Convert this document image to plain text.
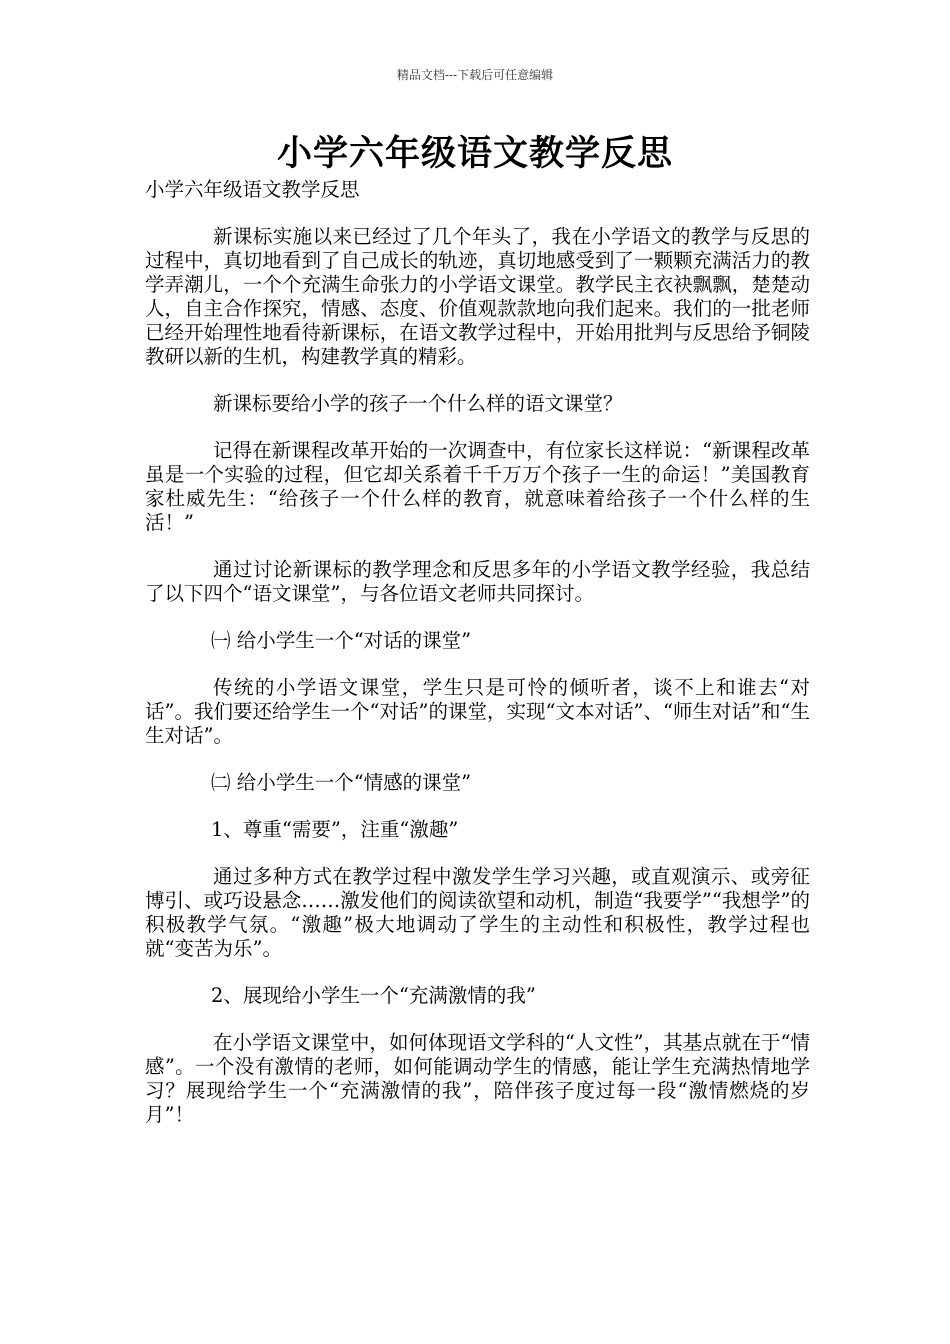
精品文档---下载后可任意编辑
小学六年级语文教学反思

小学六年级语文教学反思

新课标实施以来已经过了几个年头了，我在小学语文的教学与反思的过程中，真切地看到了自己成长的轨迹，真切地感受到了一颗颗充满活力的教学弄潮儿，一个个充满生命张力的小学语文课堂。教学民主衣袂飘飘，楚楚动人，自主合作探究，情感、态度、价值观款款地向我们起来。我们的一批老师已经开始理性地看待新课标，在语文教学过程中，开始用批判与反思给予铜陵教研以新的生机，构建教学真的精彩。

新课标要给小学的孩子一个什么样的语文课堂？

记得在新课程改革开始的一次调查中，有位家长这样说：“新课程改革虽是一个实验的过程，但它却关系着千千万万个孩子一生的命运！”美国教育家杜威先生：“给孩子一个什么样的教育，就意味着给孩子一个什么样的生活！”

通过讨论新课标的教学理念和反思多年的小学语文教学经验，我总结了以下四个“语文课堂”，与各位语文老师共同探讨。

㈠ 给小学生一个“对话的课堂”

传统的小学语文课堂，学生只是可怜的倾听者，谈不上和谁去“对话”。我们要还给学生一个“对话”的课堂，实现“文本对话”、“师生对话”和“生生对话”。

㈡ 给小学生一个“情感的课堂”

1、尊重“需要”，注重“激趣”

通过多种方式在教学过程中激发学生学习兴趣，或直观演示、或旁征博引、或巧设悬念……激发他们的阅读欲望和动机，制造“我要学”“我想学”的积极教学气氛。“激趣”极大地调动了学生的主动性和积极性，教学过程也就“变苦为乐”。

2、展现给小学生一个“充满激情的我”

在小学语文课堂中，如何体现语文学科的“人文性”，其基点就在于“情感”。一个没有激情的老师，如何能调动学生的情感，能让学生充满热情地学习？展现给学生一个“充满激情的我”，陪伴孩子度过每一段“激情燃烧的岁月”！
